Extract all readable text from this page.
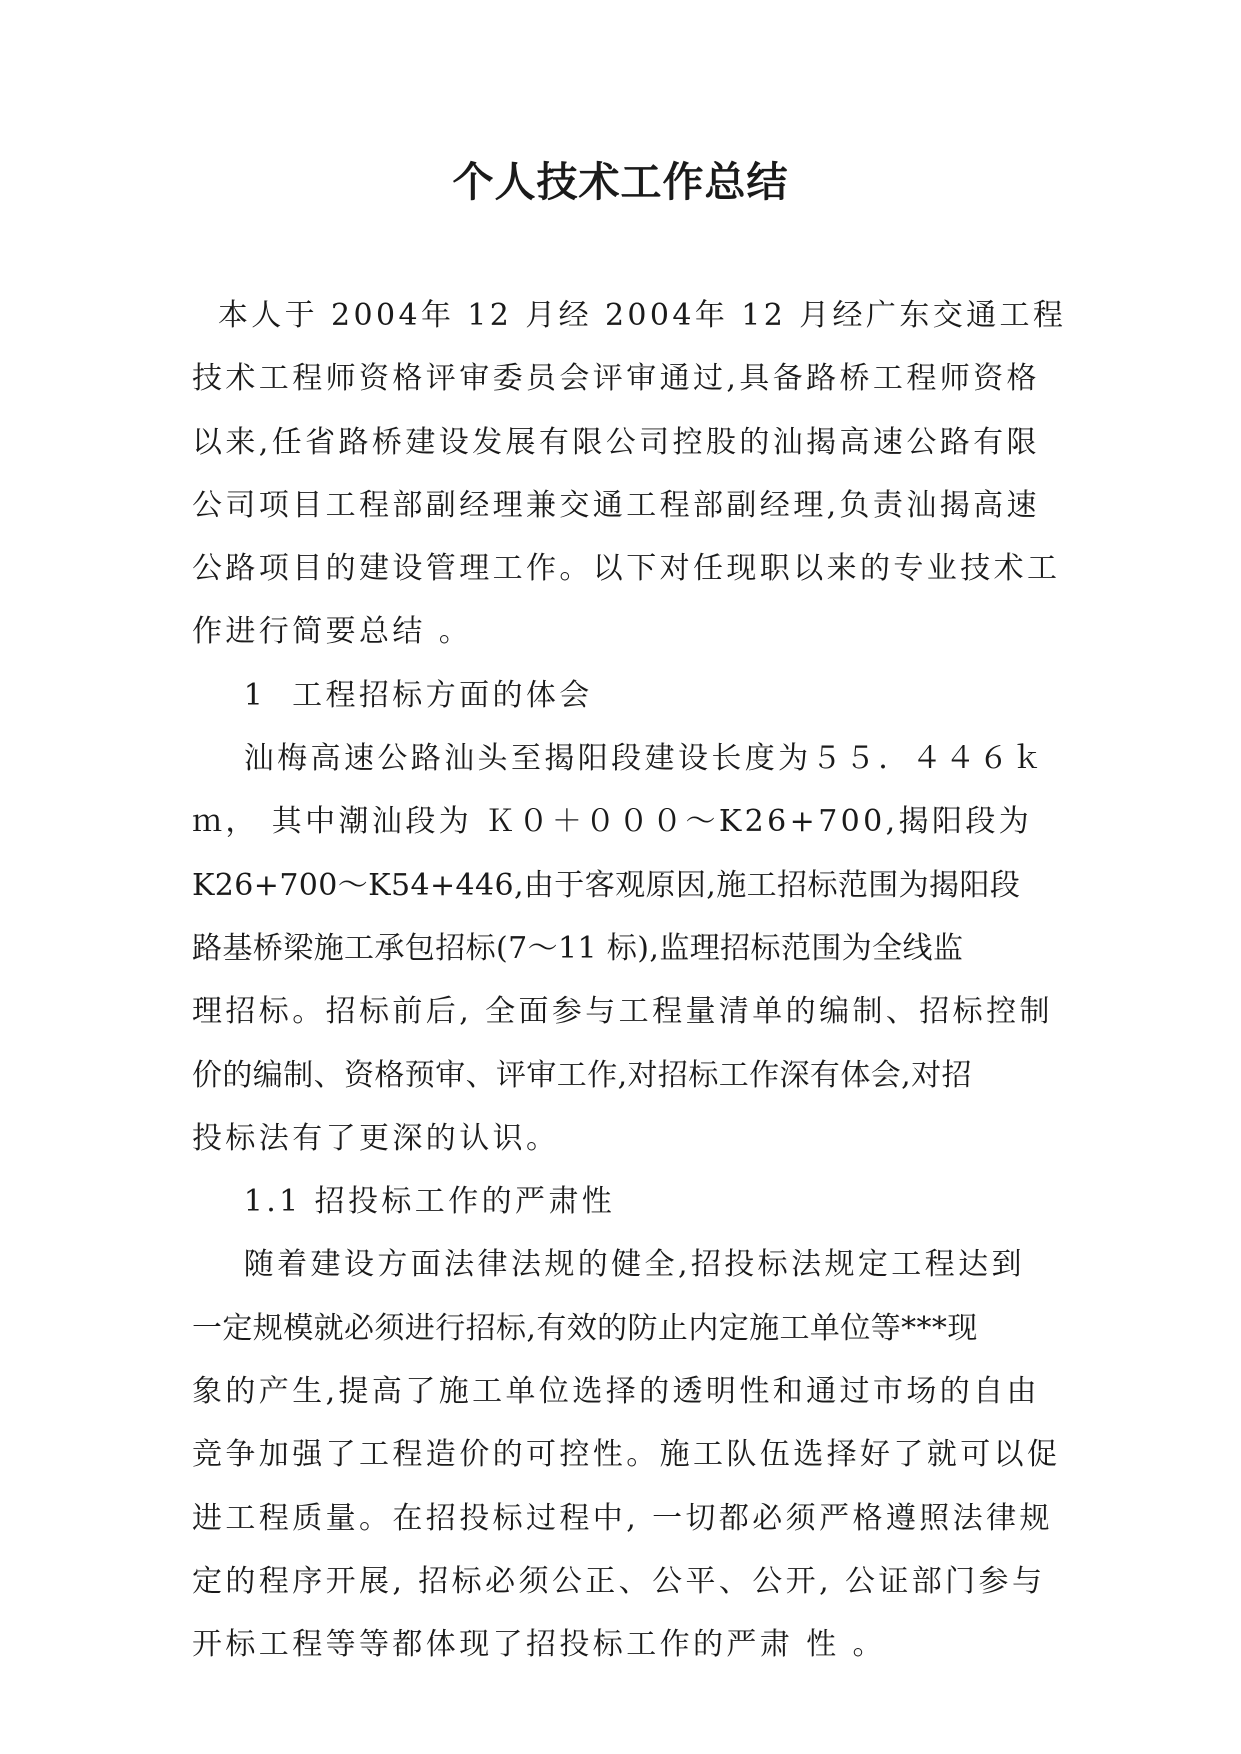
个人技术工作总结

本人于 2004年 12 月经 2004年 12 月经广东交通工程

技术工程师资格评审委员会评审通过,具备路桥工程师资格

以来,任省路桥建设发展有限公司控股的汕揭高速公路有限

公司项目工程部副经理兼交通工程部副经理,负责汕揭高速

公路项目的建设管理工作。以下对任现职以来的专业技术工

作进行简要总结 。

1  工程招标方面的体会

汕梅高速公路汕头至揭阳段建设长度为５５．４４６ｋ

ｍ， 其中潮汕段为 Ｋ０＋０００～K26+700,揭阳段为

K26+700～K54+446,由于客观原因,施工招标范围为揭阳段

路基桥梁施工承包招标(7～11 标),监理招标范围为全线监

理招标。招标前后, 全面参与工程量清单的编制、招标控制

价的编制、资格预审、评审工作,对招标工作深有体会,对招

投标法有了更深的认识。

1.1 招投标工作的严肃性

随着建设方面法律法规的健全,招投标法规定工程达到

一定规模就必须进行招标,有效的防止内定施工单位等***现

象的产生,提高了施工单位选择的透明性和通过市场的自由

竞争加强了工程造价的可控性。施工队伍选择好了就可以促

进工程质量。在招投标过程中, 一切都必须严格遵照法律规

定的程序开展, 招标必须公正、公平、公开, 公证部门参与

开标工程等等都体现了招投标工作的严肃 性 。
